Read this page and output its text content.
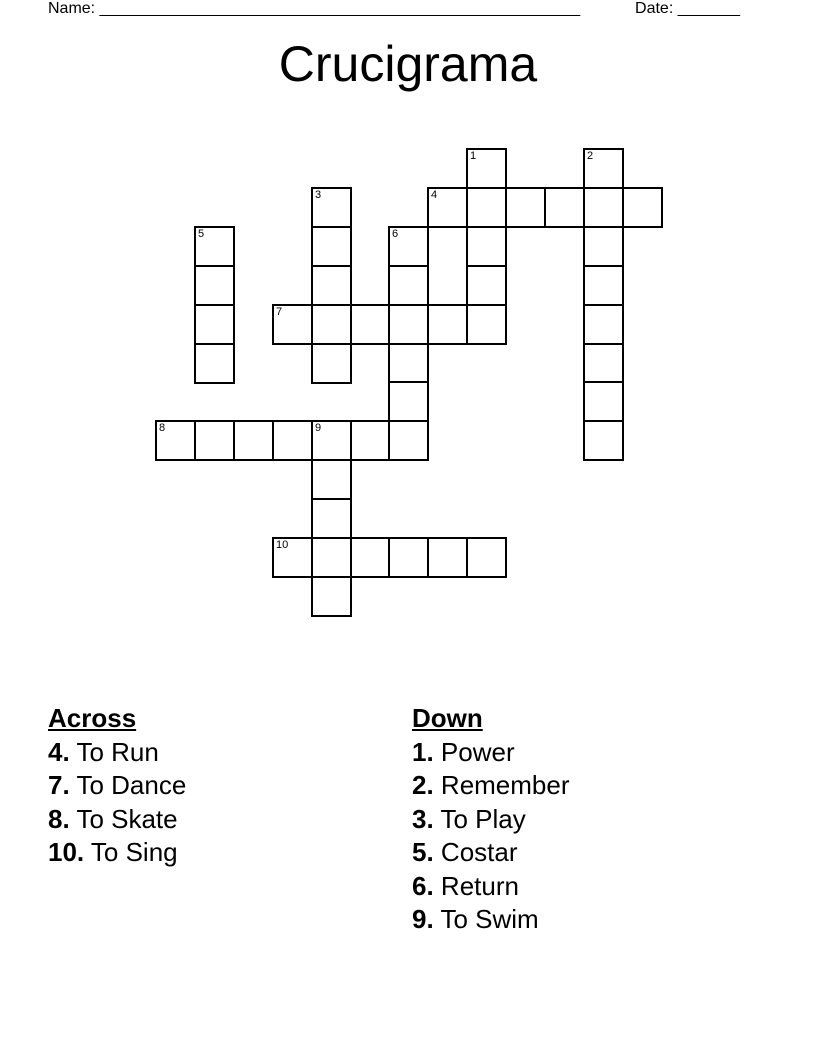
Name: ______________________________________________________	Date: _______
Crucigrama
1	2
3	4
5	6
7
8	9
10
Across
4. To Run
7. To Dance
8. To Skate
10. To Sing
Down
1. Power
2. Remember
3. To Play
5. Costar
6. Return
9. To Swim
